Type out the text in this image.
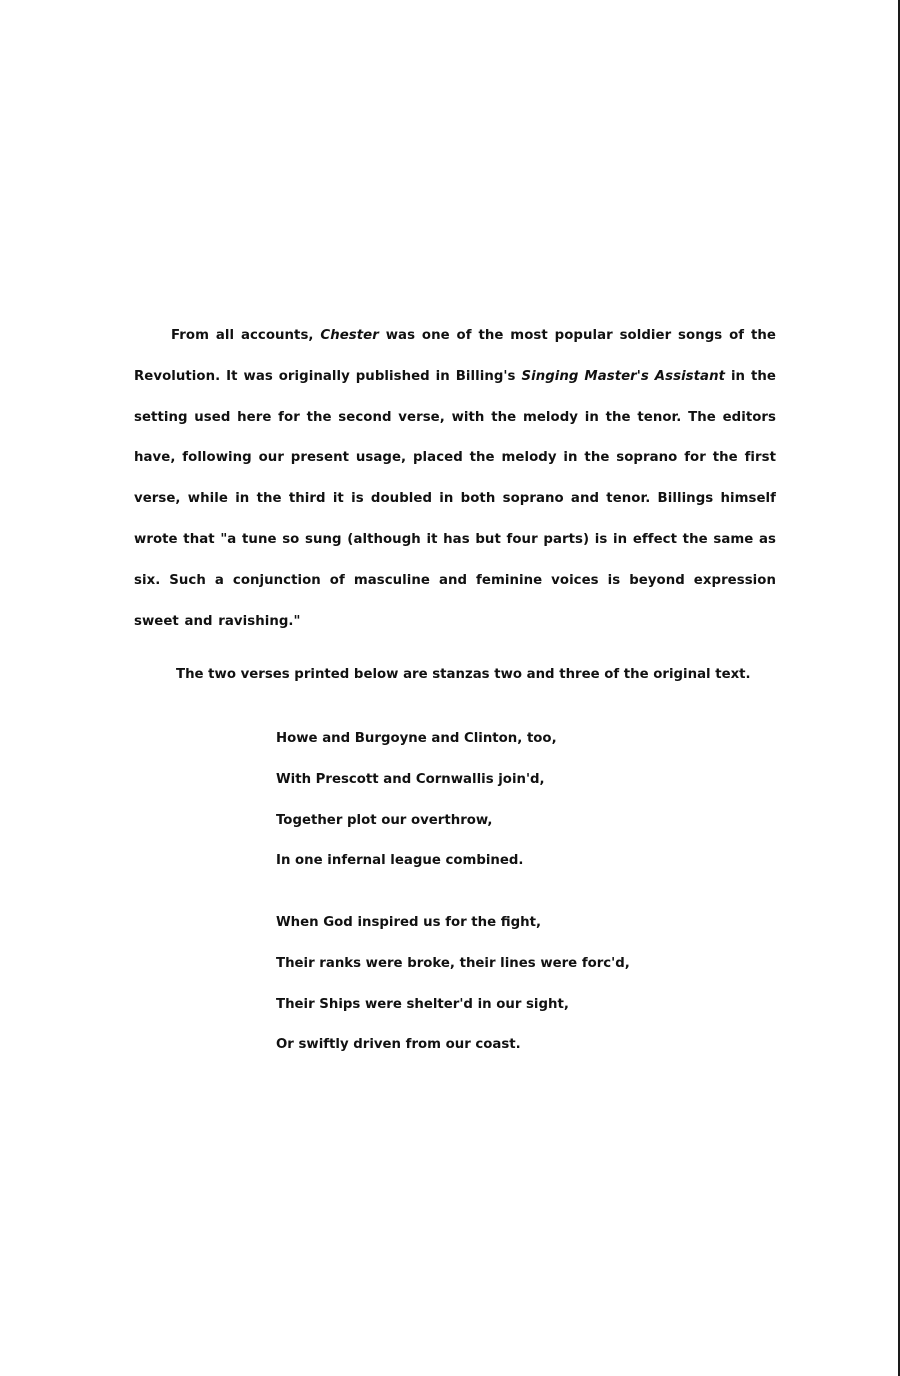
From all accounts, Chester was one of the most popular soldier songs of the Revolution. It was originally published in Billing's Singing Master's Assistant in the setting used here for the second verse, with the melody in the tenor. The editors have, following our present usage, placed the melody in the soprano for the first verse, while in the third it is doubled in both soprano and tenor. Billings himself wrote that "a tune so sung (although it has but four parts) is in effect the same as six. Such a conjunction of masculine and feminine voices is beyond expression sweet and ravishing."

The two verses printed below are stanzas two and three of the original text.

Howe and Burgoyne and Clinton, too,
With Prescott and Cornwallis join'd,
Together plot our overthrow,
In one infernal league combined.
When God inspired us for the fight,
Their ranks were broke, their lines were forc'd,
Their Ships were shelter'd in our sight,
Or swiftly driven from our coast.
